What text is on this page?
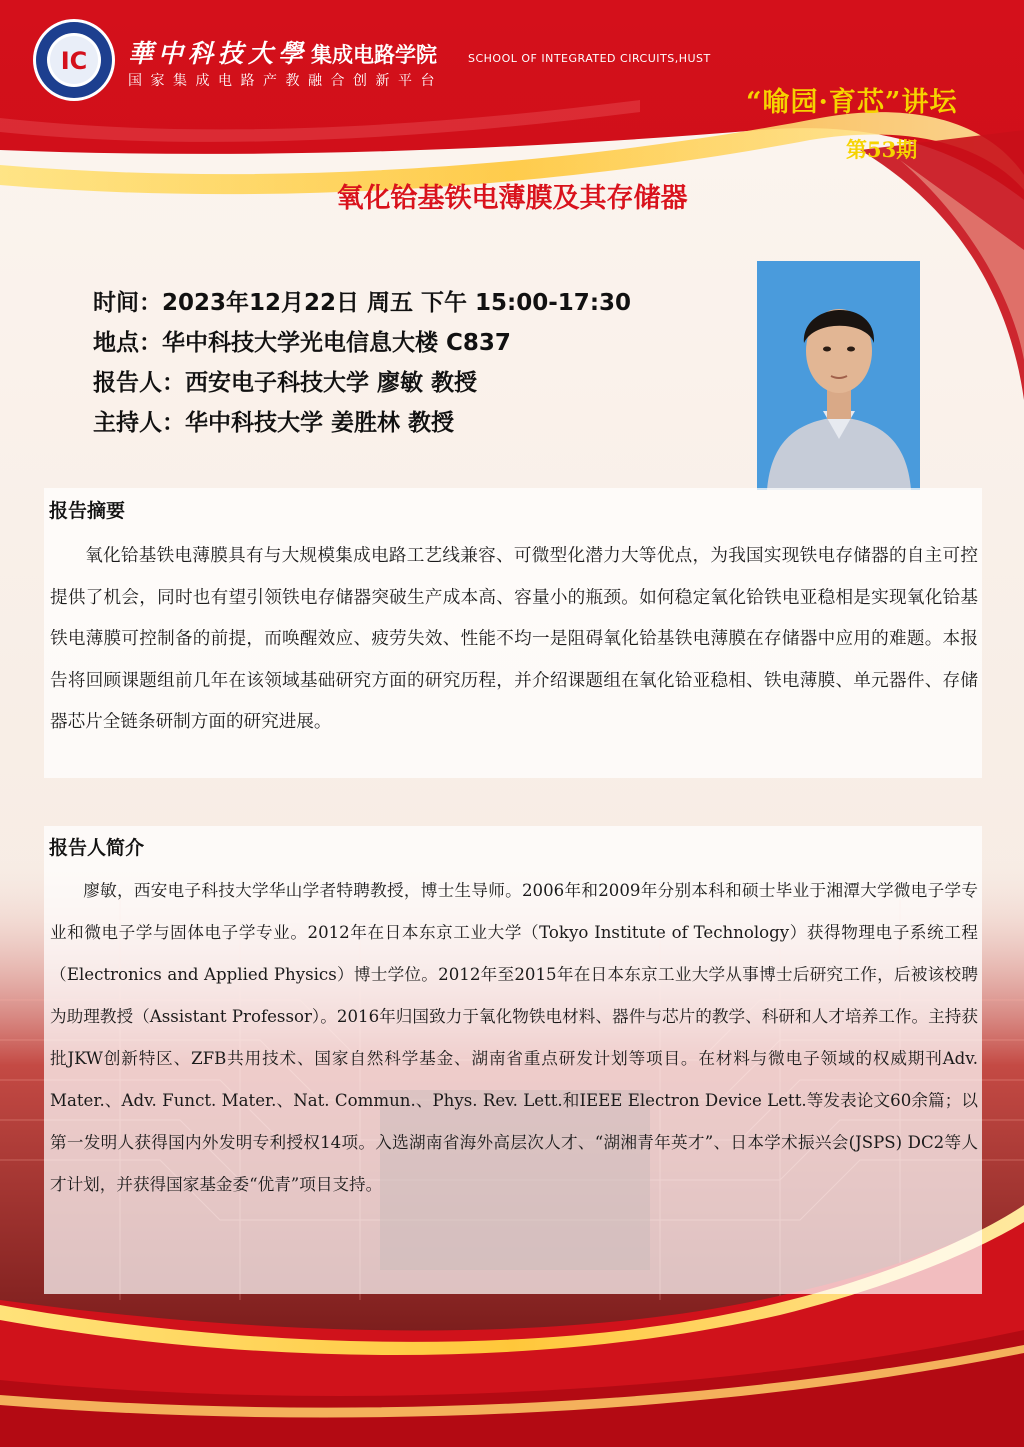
IC 華中科技大學 集成电路学院	SCHOOL OF INTEGRATED CIRCUITS,HUST
国家集成电路产教融合创新平台
“喻园·育芯”讲坛
第53期
氧化铪基铁电薄膜及其存储器
时间：2023年12月22日 周五 下午 15:00-17:30
地点：华中科技大学光电信息大楼 C837
报告人：西安电子科技大学 廖敏 教授
主持人：华中科技大学 姜胜林 教授
报告摘要
氧化铪基铁电薄膜具有与大规模集成电路工艺线兼容、可微型化潜力大等优点，为我国实现铁电存储器的自主可控提供了机会，同时也有望引领铁电存储器突破生产成本高、容量小的瓶颈。如何稳定氧化铪铁电亚稳相是实现氧化铪基铁电薄膜可控制备的前提，而唤醒效应、疲劳失效、性能不均一是阻碍氧化铪基铁电薄膜在存储器中应用的难题。本报告将回顾课题组前几年在该领域基础研究方面的研究历程，并介绍课题组在氧化铪亚稳相、铁电薄膜、单元器件、存储器芯片全链条研制方面的研究进展。
报告人简介
廖敏，西安电子科技大学华山学者特聘教授，博士生导师。2006年和2009年分别本科和硕士毕业于湘潭大学微电子学专业和微电子学与固体电子学专业。2012年在日本东京工业大学（Tokyo Institute of Technology）获得物理电子系统工程（Electronics and Applied Physics）博士学位。2012年至2015年在日本东京工业大学从事博士后研究工作，后被该校聘为助理教授（Assistant Professor）。2016年归国致力于氧化物铁电材料、器件与芯片的教学、科研和人才培养工作。主持获批JKW创新特区、ZFB共用技术、国家自然科学基金、湖南省重点研发计划等项目。在材料与微电子领域的权威期刊Adv. Mater.、Adv. Funct. Mater.、Nat. Commun.、Phys. Rev. Lett.和IEEE Electron Device Lett.等发表论文60余篇；以第一发明人获得国内外发明专利授权14项。入选湖南省海外高层次人才、“湖湘青年英才”、日本学术振兴会(JSPS) DC2等人才计划，并获得国家基金委“优青”项目支持。
